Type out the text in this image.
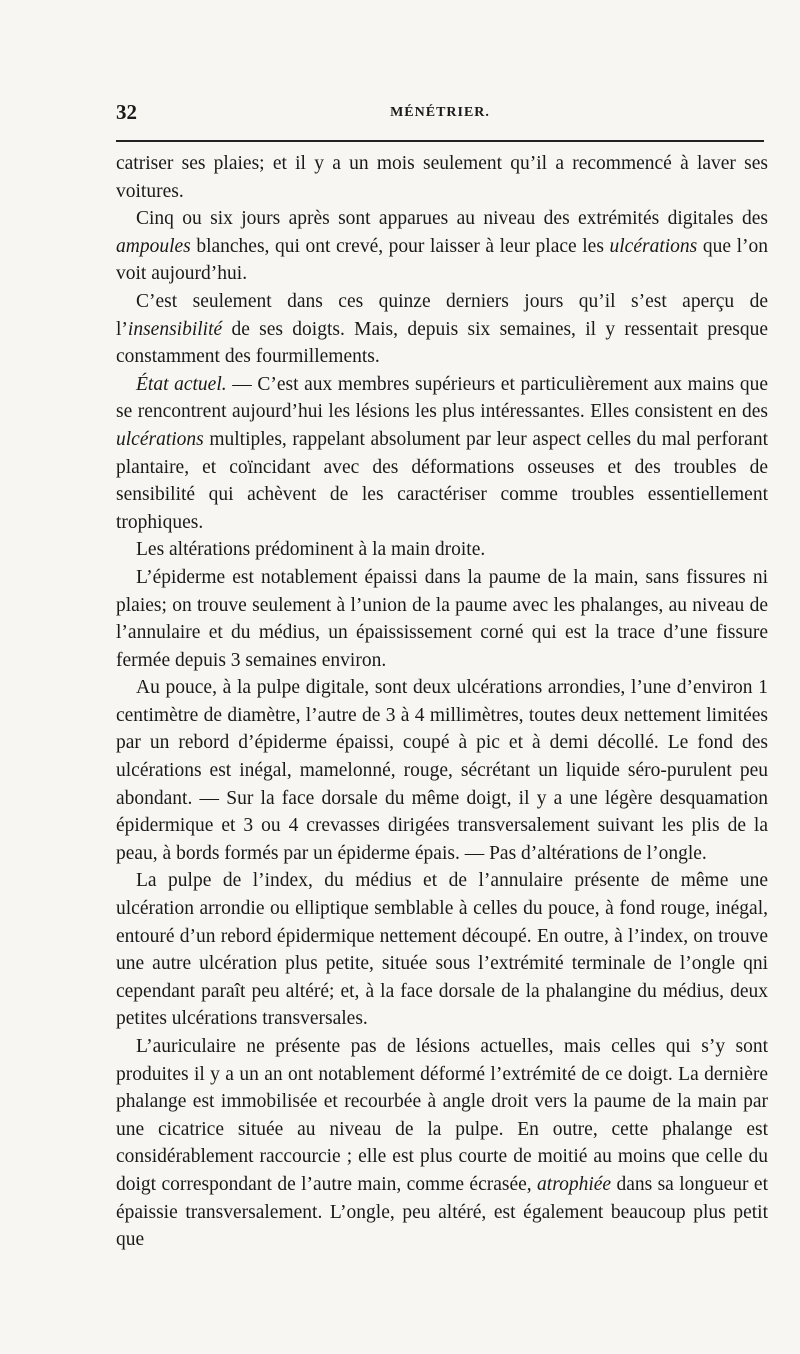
32	MÉNÉTRIER.

catriser ses plaies; et il y a un mois seulement qu’il a recommencé à laver ses voitures.

Cinq ou six jours après sont apparues au niveau des extrémités digitales des ampoules blanches, qui ont crevé, pour laisser à leur place les ulcérations que l’on voit aujourd’hui.

C’est seulement dans ces quinze derniers jours qu’il s’est aperçu de l’insensibilité de ses doigts. Mais, depuis six semaines, il y ressentait presque constamment des fourmillements.

État actuel. — C’est aux membres supérieurs et particulièrement aux mains que se rencontrent aujourd’hui les lésions les plus intéressantes. Elles consistent en des ulcérations multiples, rappelant absolument par leur aspect celles du mal perforant plantaire, et coïncidant avec des déformations osseuses et des troubles de sensibilité qui achèvent de les caractériser comme troubles essentiellement trophiques.

Les altérations prédominent à la main droite.

L’épiderme est notablement épaissi dans la paume de la main, sans fissures ni plaies; on trouve seulement à l’union de la paume avec les phalanges, au niveau de l’annulaire et du médius, un épaississement corné qui est la trace d’une fissure fermée depuis 3 semaines environ.

Au pouce, à la pulpe digitale, sont deux ulcérations arrondies, l’une d’environ 1 centimètre de diamètre, l’autre de 3 à 4 millimètres, toutes deux nettement limitées par un rebord d’épiderme épaissi, coupé à pic et à demi décollé. Le fond des ulcérations est inégal, mamelonné, rouge, sécrétant un liquide séro-purulent peu abondant. — Sur la face dorsale du même doigt, il y a une légère desquamation épidermique et 3 ou 4 crevasses dirigées transversalement suivant les plis de la peau, à bords formés par un épiderme épais. — Pas d’altérations de l’ongle.

La pulpe de l’index, du médius et de l’annulaire présente de même une ulcération arrondie ou elliptique semblable à celles du pouce, à fond rouge, inégal, entouré d’un rebord épidermique nettement découpé. En outre, à l’index, on trouve une autre ulcération plus petite, située sous l’extrémité terminale de l’ongle qni cependant paraît peu altéré; et, à la face dorsale de la phalangine du médius, deux petites ulcérations transversales.

L’auriculaire ne présente pas de lésions actuelles, mais celles qui s’y sont produites il y a un an ont notablement déformé l’extrémité de ce doigt. La dernière phalange est immobilisée et recourbée à angle droit vers la paume de la main par une cicatrice située au niveau de la pulpe. En outre, cette phalange est considérablement raccourcie ; elle est plus courte de moitié au moins que celle du doigt correspondant de l’autre main, comme écrasée, atrophiée dans sa longueur et épaissie transversalement. L’ongle, peu altéré, est également beaucoup plus petit que
